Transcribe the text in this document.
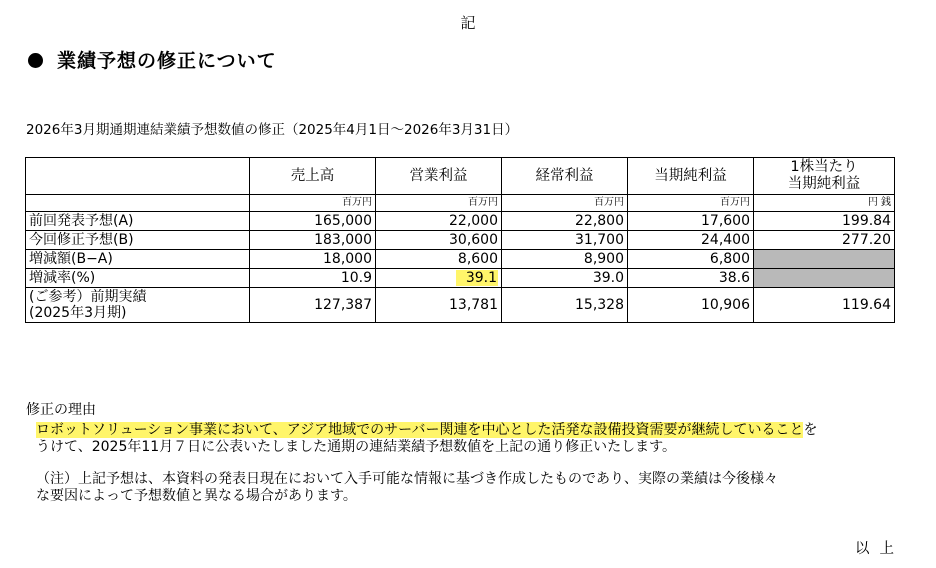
記
業績予想の修正について
2026年3月期通期連結業績予想数値の修正（2025年4月1日～2026年3月31日）
	売上高	営業利益	経常利益	当期純利益	1株当たり
当期純利益

	百万円	百万円	百万円	百万円	円 銭
前回発表予想(A)	165,000	22,000	22,800	17,600	199.84
今回修正予想(B)	183,000	30,600	31,700	24,400	277.20
増減額(B−A)	18,000	8,600	8,900	6,800	
増減率(%)	10.9	39.1	39.0	38.6	

(ご参考）前期実績
(2025年3月期)	127,387	13,781	15,328	10,906	119.64
修正の理由
ロボットソリューション事業において、アジア地域でのサーバー関連を中心とした活発な設備投資需要が継続していることを
うけて、2025年11月７日に公表いたしました通期の連結業績予想数値を上記の通り修正いたします。
（注）上記予想は、本資料の発表日現在において入手可能な情報に基づき作成したものであり、実際の業績は今後様々
な要因によって予想数値と異なる場合があります。
以上
